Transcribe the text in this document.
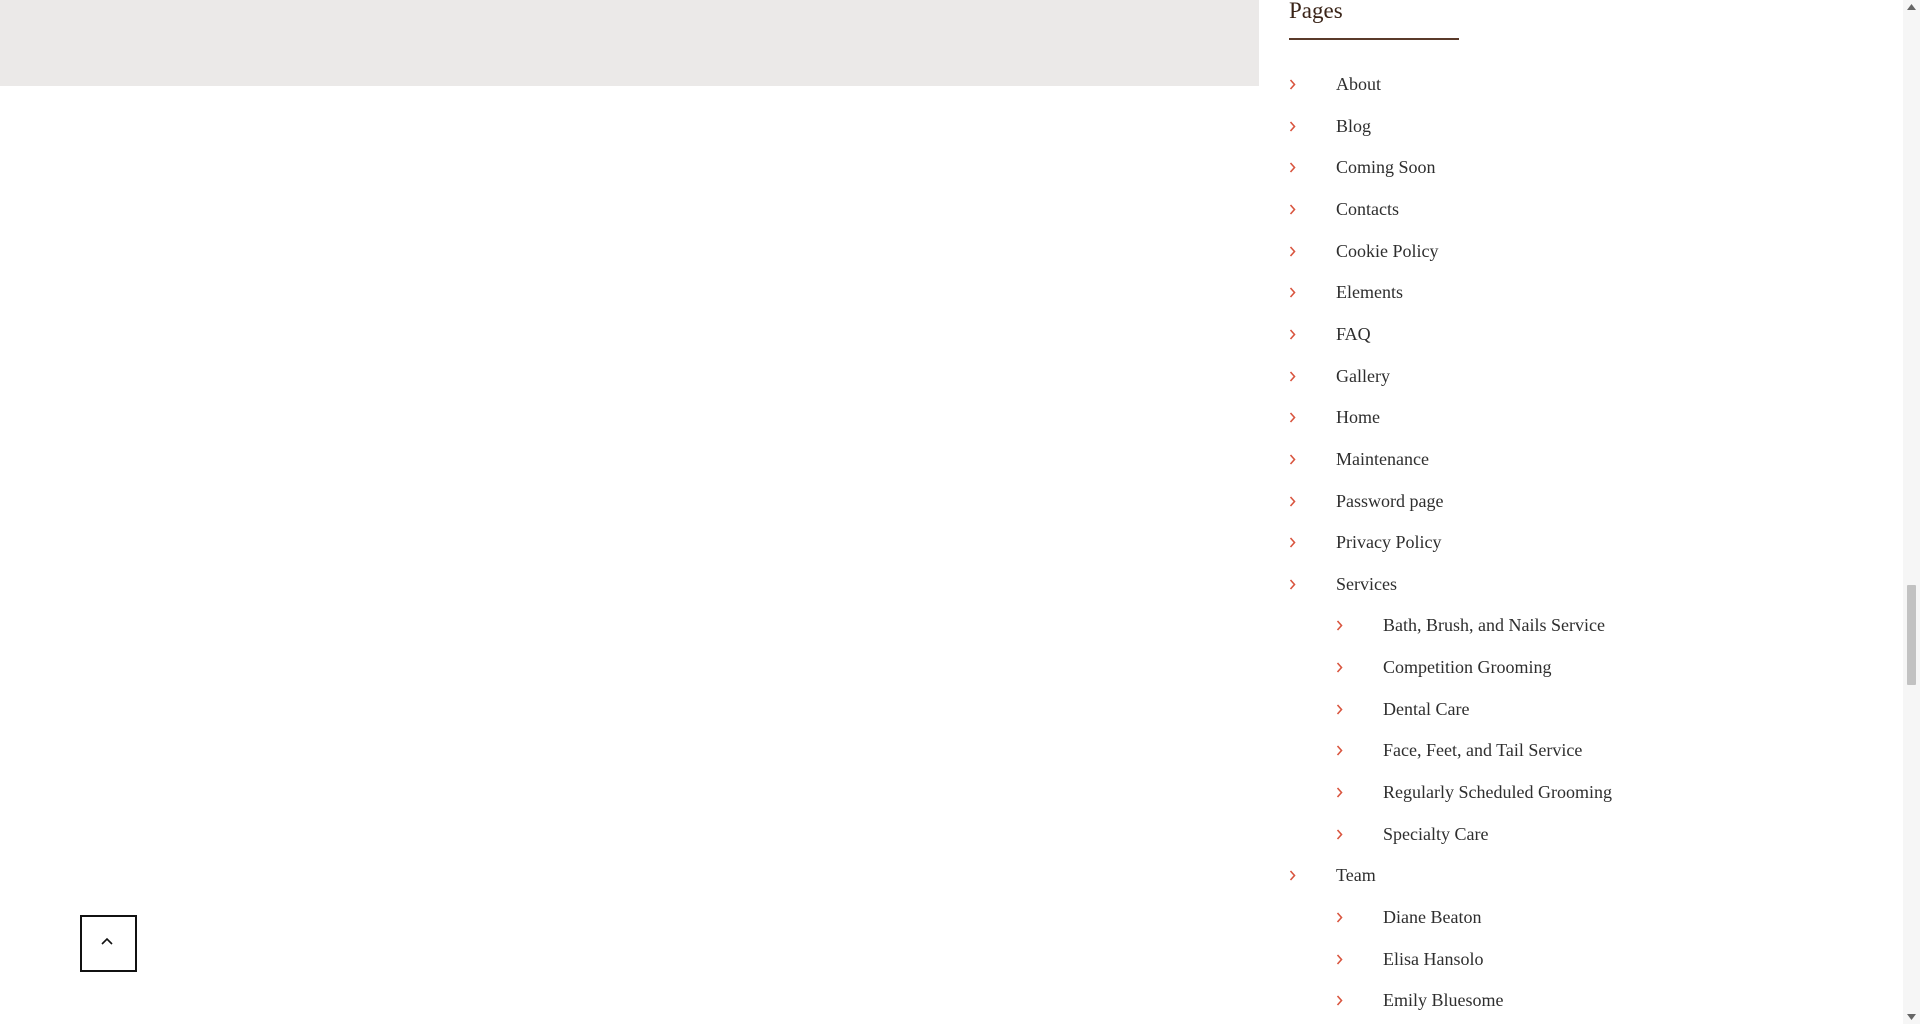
Pages
About
Blog
Coming Soon
Contacts
Cookie Policy
Elements
FAQ
Gallery
Home
Maintenance
Password page
Privacy Policy
Services
Bath, Brush, and Nails Service
Competition Grooming
Dental Care
Face, Feet, and Tail Service
Regularly Scheduled Grooming
Specialty Care
Team
Diane Beaton
Elisa Hansolo
Emily Bluesome
